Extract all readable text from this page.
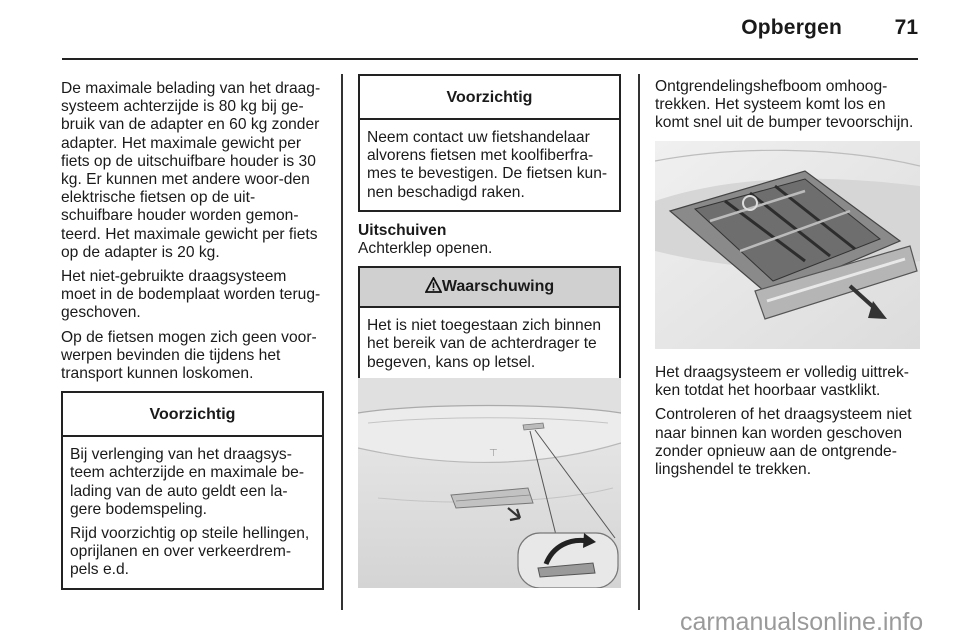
Opbergen	71

De maximale belading van het draag-systeem achterzijde is 80 kg bij ge-bruik van de adapter en 60 kg zonder adapter. Het maximale gewicht per fiets op de uitschuifbare houder is 30 kg. Er kunnen met andere woor-den elektrische fietsen op de uit-schuifbare houder worden gemon-teerd. Het maximale gewicht per fiets op de adapter is 20 kg.

Het niet-gebruikte draagsysteem moet in de bodemplaat worden terug-geschoven.

Op de fietsen mogen zich geen voor-werpen bevinden die tijdens het transport kunnen loskomen.

Voorzichtig

Bij verlenging van het draagsys-teem achterzijde en maximale be-lading van de auto geldt een la-gere bodemspeling.

Rijd voorzichtig op steile hellingen, oprijlanen en over verkeerdrem-pels e.d.

Voorzichtig

Neem contact uw fietshandelaar alvorens fietsen met koolfiberfra-mes te bevestigen. De fietsen kun-nen beschadigd raken.

Uitschuiven
Achterklep openen.
Waarschuwing

Het is niet toegestaan zich binnen het bereik van de achterdrager te begeven, kans op letsel.

⊤

Ontgrendelingshefboom omhoog-trekken. Het systeem komt los en komt snel uit de bumper tevoorschijn.

Het draagsysteem er volledig uittrek-ken totdat het hoorbaar vastklikt.

Controleren of het draagsysteem niet naar binnen kan worden geschoven zonder opnieuw aan de ontgrende-lingshendel te trekken.

carmanualsonline.info
